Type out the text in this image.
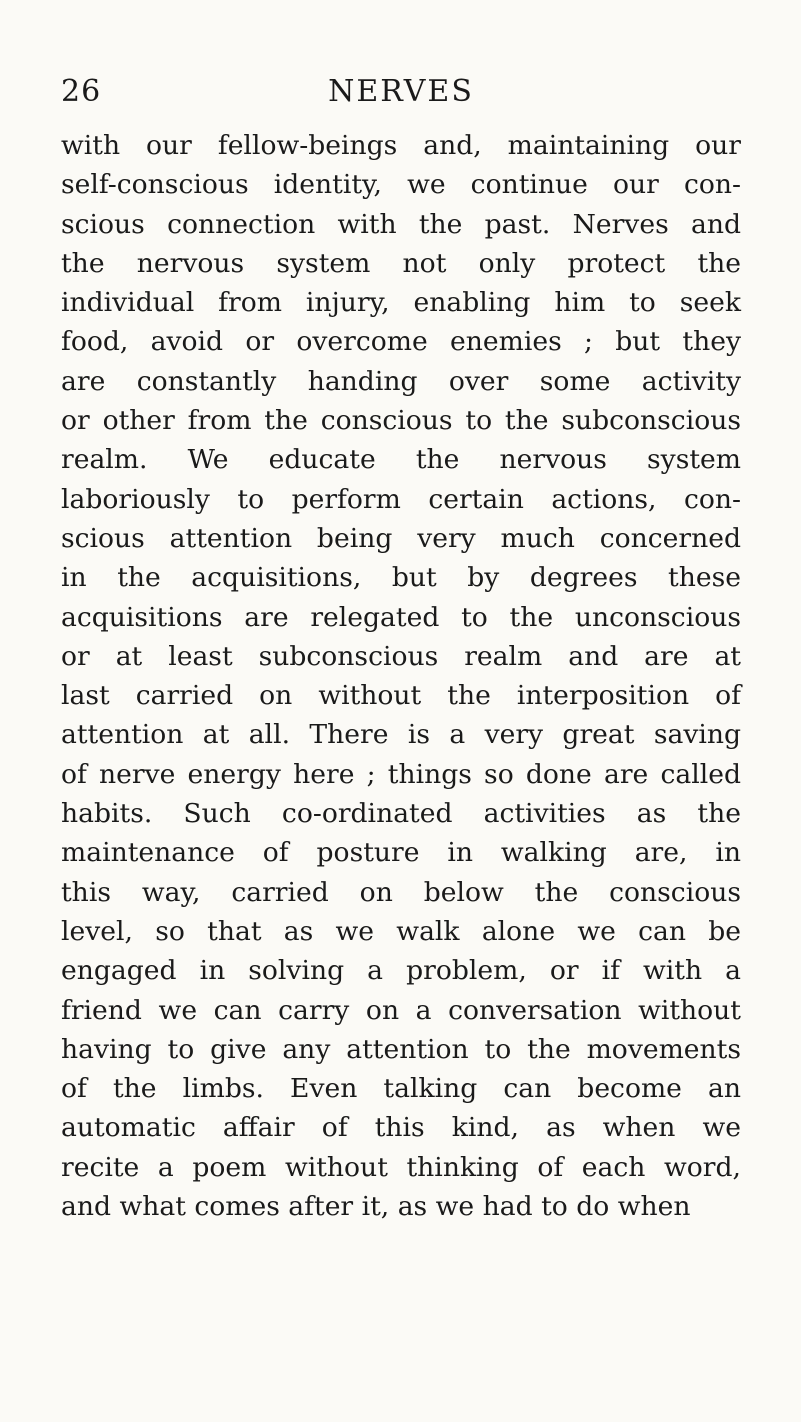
26	NERVES
with our fellow-beings and, maintaining our
self-conscious identity, we continue our con-
scious connection with the past. Nerves and
the nervous system not only protect the
individual from injury, enabling him to seek
food, avoid or overcome enemies ; but they
are constantly handing over some activity
or other from the conscious to the subconscious
realm. We educate the nervous system
laboriously to perform certain actions, con-
scious attention being very much concerned
in the acquisitions, but by degrees these
acquisitions are relegated to the unconscious
or at least subconscious realm and are at
last carried on without the interposition of
attention at all. There is a very great saving
of nerve energy here ; things so done are called
habits. Such co-ordinated activities as the
maintenance of posture in walking are, in
this way, carried on below the conscious
level, so that as we walk alone we can be
engaged in solving a problem, or if with a
friend we can carry on a conversation without
having to give any attention to the movements
of the limbs. Even talking can become an
automatic affair of this kind, as when we
recite a poem without thinking of each word,
and what comes after it, as we had to do when
